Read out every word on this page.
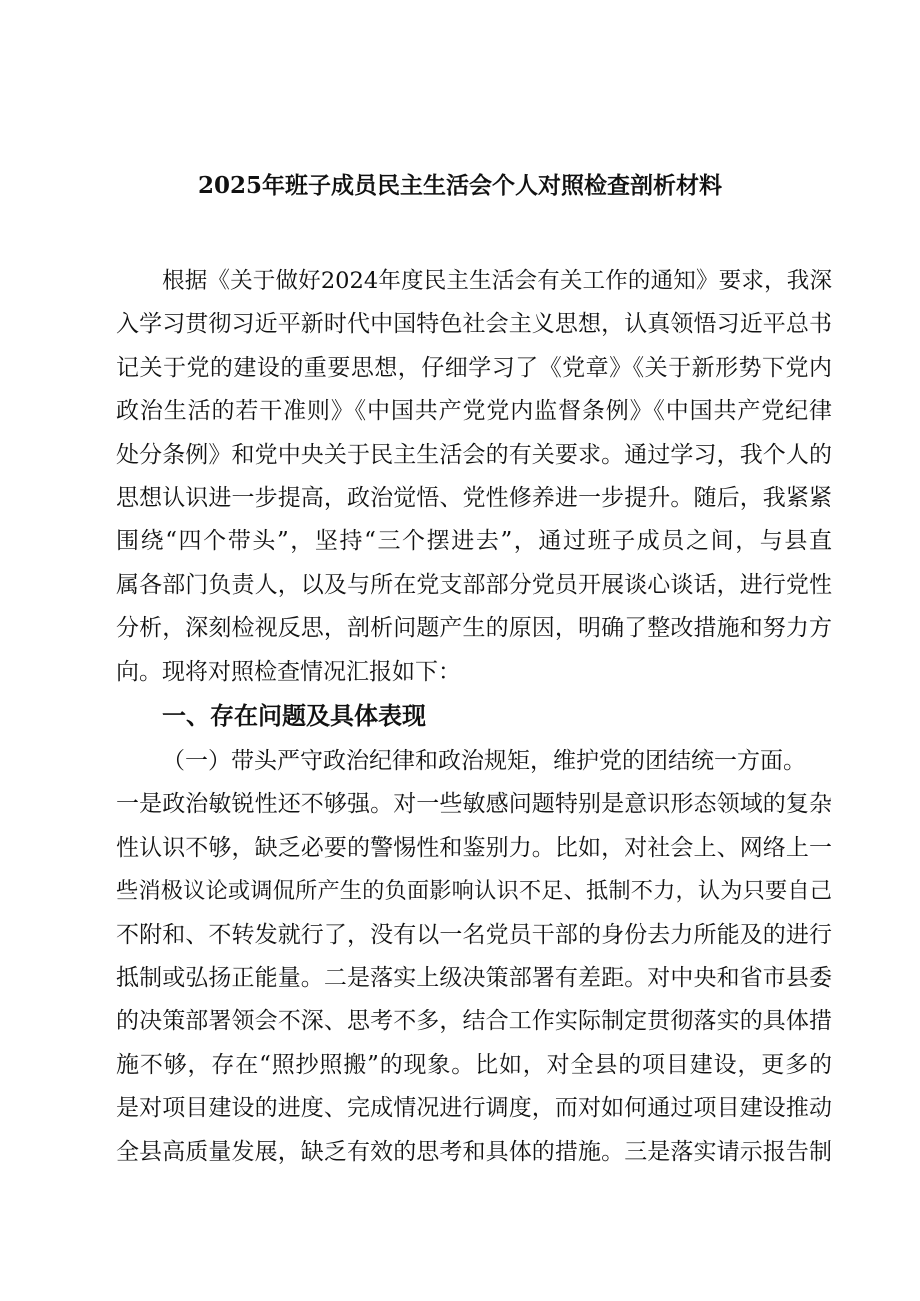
2025年班子成员民主生活会个人对照检查剖析材料
根据《关于做好2024年度民主生活会有关工作的通知》要求，我深
入学习贯彻习近平新时代中国特色社会主义思想，认真领悟习近平总书
记关于党的建设的重要思想，仔细学习了《党章》《关于新形势下党内
政治生活的若干准则》《中国共产党党内监督条例》《中国共产党纪律
处分条例》和党中央关于民主生活会的有关要求。通过学习，我个人的
思想认识进一步提高，政治觉悟、党性修养进一步提升。随后，我紧紧
围绕“四个带头”，坚持“三个摆进去”，通过班子成员之间，与县直
属各部门负责人，以及与所在党支部部分党员开展谈心谈话，进行党性
分析，深刻检视反思，剖析问题产生的原因，明确了整改措施和努力方
向。现将对照检查情况汇报如下：
一、存在问题及具体表现
（一）带头严守政治纪律和政治规矩，维护党的团结统一方面。
一是政治敏锐性还不够强。对一些敏感问题特别是意识形态领域的复杂
性认识不够，缺乏必要的警惕性和鉴别力。比如，对社会上、网络上一
些消极议论或调侃所产生的负面影响认识不足、抵制不力，认为只要自己
不附和、不转发就行了，没有以一名党员干部的身份去力所能及的进行
抵制或弘扬正能量。二是落实上级决策部署有差距。对中央和省市县委
的决策部署领会不深、思考不多，结合工作实际制定贯彻落实的具体措
施不够，存在“照抄照搬”的现象。比如，对全县的项目建设，更多的
是对项目建设的进度、完成情况进行调度，而对如何通过项目建设推动
全县高质量发展，缺乏有效的思考和具体的措施。三是落实请示报告制
